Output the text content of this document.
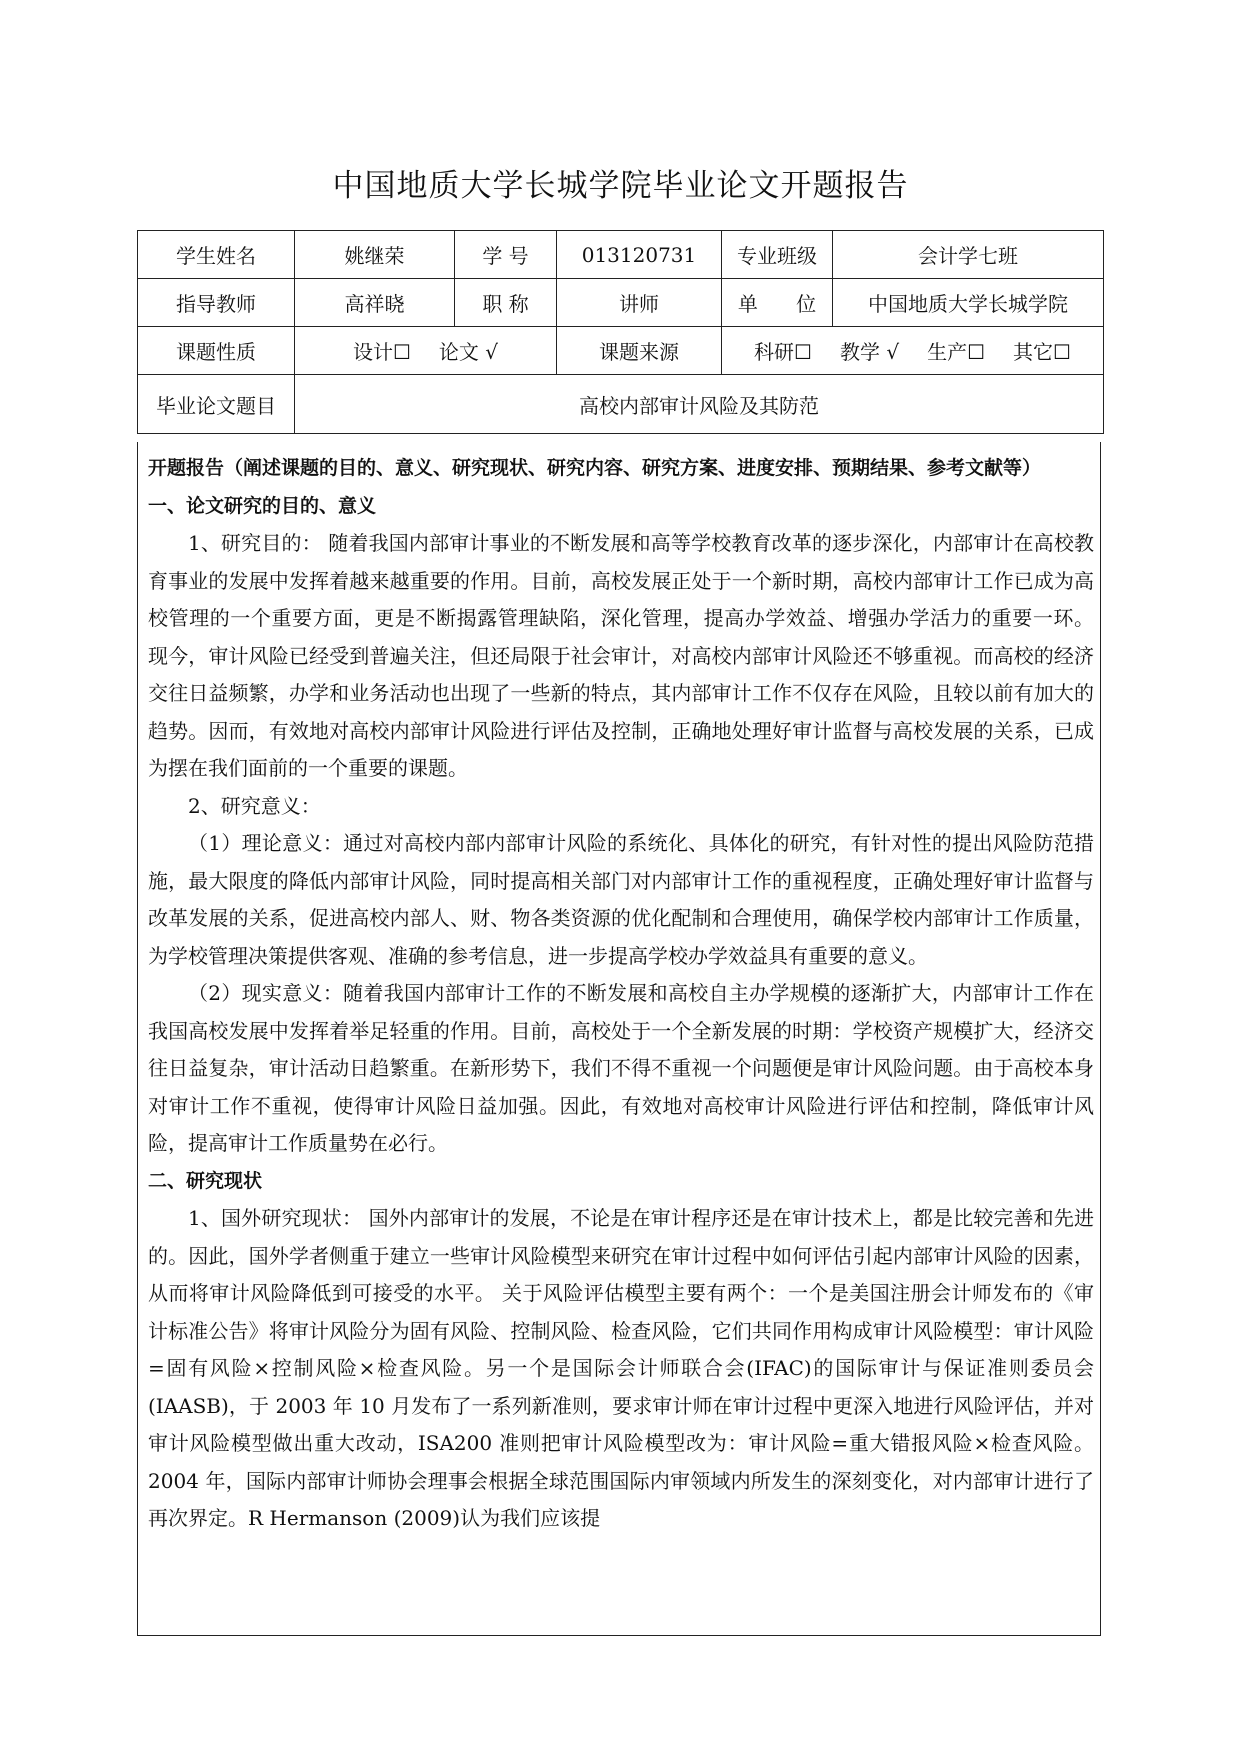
中国地质大学长城学院毕业论文开题报告
学生姓名	姚继荣	学 号	013120731	专业班级	会计学七班
指导教师	高祥晓	职 称	讲师	单      位	中国地质大学长城学院
课题性质	设计☐ 论文 √		课题来源	科研☐ 教学 √ 生产☐ 其它☐	
毕业论文题目	高校内部审计风险及其防范				

开题报告（阐述课题的目的、意义、研究现状、研究内容、研究方案、进度安排、预期结果、参考文献等）

一、论文研究的目的、意义

1、研究目的： 随着我国内部审计事业的不断发展和高等学校教育改革的逐步深化，内部审计在高校教育事业的发展中发挥着越来越重要的作用。目前，高校发展正处于一个新时期，高校内部审计工作已成为高校管理的一个重要方面，更是不断揭露管理缺陷，深化管理，提高办学效益、增强办学活力的重要一环。 现今，审计风险已经受到普遍关注，但还局限于社会审计，对高校内部审计风险还不够重视。而高校的经济交往日益频繁，办学和业务活动也出现了一些新的特点，其内部审计工作不仅存在风险，且较以前有加大的趋势。因而，有效地对高校内部审计风险进行评估及控制，正确地处理好审计监督与高校发展的关系，已成为摆在我们面前的一个重要的课题。

2、研究意义：

（1）理论意义：通过对高校内部内部审计风险的系统化、具体化的研究，有针对性的提出风险防范措施，最大限度的降低内部审计风险，同时提高相关部门对内部审计工作的重视程度，正确处理好审计监督与改革发展的关系，促进高校内部人、财、物各类资源的优化配制和合理使用，确保学校内部审计工作质量，为学校管理决策提供客观、准确的参考信息，进一步提高学校办学效益具有重要的意义。

（2）现实意义：随着我国内部审计工作的不断发展和高校自主办学规模的逐渐扩大，内部审计工作在我国高校发展中发挥着举足轻重的作用。目前，高校处于一个全新发展的时期：学校资产规模扩大，经济交往日益复杂，审计活动日趋繁重。在新形势下，我们不得不重视一个问题便是审计风险问题。由于高校本身对审计工作不重视，使得审计风险日益加强。因此，有效地对高校审计风险进行评估和控制，降低审计风险，提高审计工作质量势在必行。

二、研究现状

1、国外研究现状： 国外内部审计的发展，不论是在审计程序还是在审计技术上，都是比较完善和先进的。因此，国外学者侧重于建立一些审计风险模型来研究在审计过程中如何评估引起内部审计风险的因素，从而将审计风险降低到可接受的水平。 关于风险评估模型主要有两个：一个是美国注册会计师发布的《审计标准公告》将审计风险分为固有风险、控制风险、检查风险，它们共同作用构成审计风险模型：审计风险=固有风险×控制风险×检查风险。另一个是国际会计师联合会(IFAC)的国际审计与保证准则委员会(IAASB)，于 2003 年 10 月发布了一系列新准则，要求审计师在审计过程中更深入地进行风险评估，并对审计风险模型做出重大改动，ISA200 准则把审计风险模型改为：审计风险=重大错报风险×检查风险。2004 年，国际内部审计师协会理事会根据全球范围国际内审领域内所发生的深刻变化，对内部审计进行了再次界定。R Hermanson (2009)认为我们应该提
